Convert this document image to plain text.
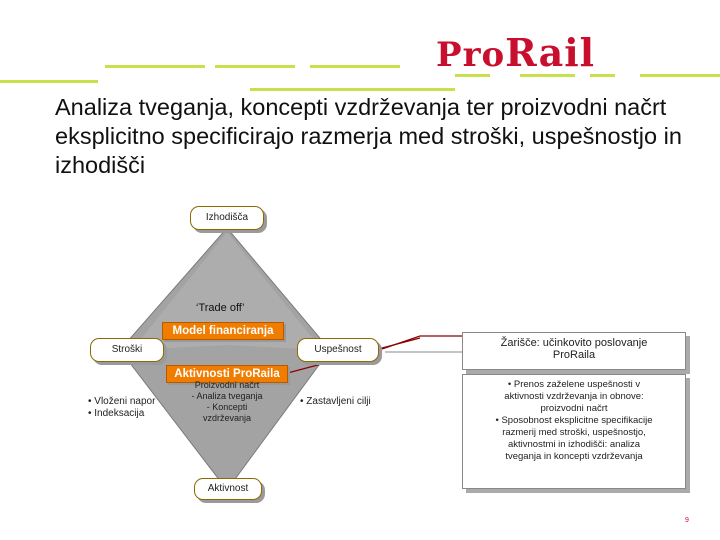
ProRail
Analiza tveganja, koncepti vzdrževanja ter proizvodni načrt eksplicitno specificirajo razmerja med stroški, uspešnostjo in izhodišči
Izhodišča
Stroški	Uspešnost
Aktivnost
‘Trade off’
Model financiranja
Aktivnosti ProRaila
Proizvodni načrt
- Analiza tveganja
- Koncepti
vzdrževanja
• Vloženi napor
• Indeksacija
• Zastavljeni cilji
Žarišče: učinkovito poslovanje
ProRaila
• Prenos zaželene uspešnosti v
aktivnosti vzdrževanja in obnove:
proizvodni načrt
• Sposobnost eksplicitne specifikacije
razmerij med stroški, uspešnostjo,
aktivnostmi in izhodišči: analiza
tveganja in koncepti vzdrževanja
9
